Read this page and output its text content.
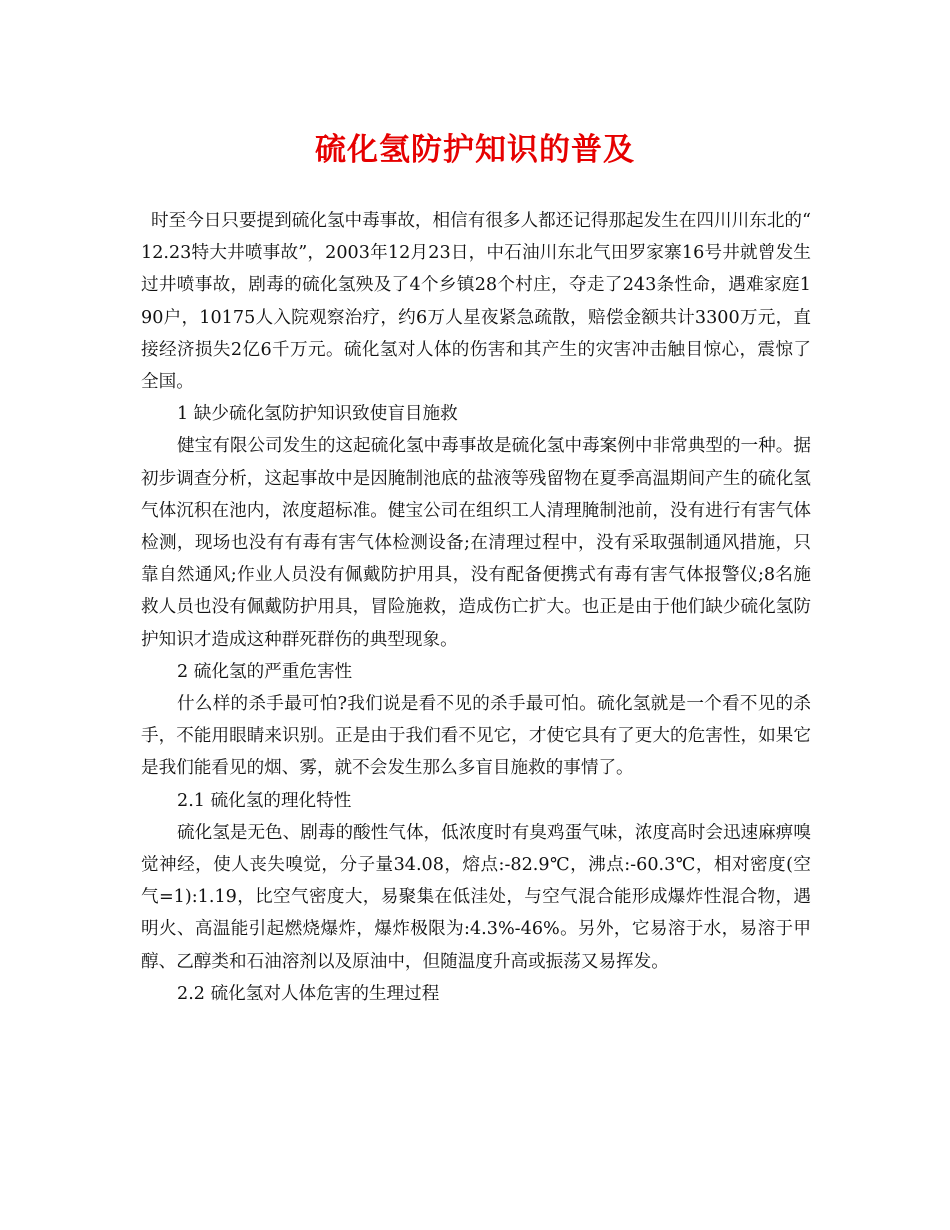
硫化氢防护知识的普及

时至今日只要提到硫化氢中毒事故，相信有很多人都还记得那起发生在四川川东北的“12.23特大井喷事故”，2003年12月23日，中石油川东北气田罗家寨16号井就曾发生过井喷事故，剧毒的硫化氢殃及了4个乡镇28个村庄，夺走了243条性命，遇难家庭190户，10175人入院观察治疗，约6万人星夜紧急疏散，赔偿金额共计3300万元，直接经济损失2亿6千万元。硫化氢对人体的伤害和其产生的灾害冲击触目惊心，震惊了全国。

1 缺少硫化氢防护知识致使盲目施救

健宝有限公司发生的这起硫化氢中毒事故是硫化氢中毒案例中非常典型的一种。据初步调查分析，这起事故中是因腌制池底的盐液等残留物在夏季高温期间产生的硫化氢气体沉积在池内，浓度超标准。健宝公司在组织工人清理腌制池前，没有进行有害气体检测，现场也没有有毒有害气体检测设备;在清理过程中，没有采取强制通风措施，只靠自然通风;作业人员没有佩戴防护用具，没有配备便携式有毒有害气体报警仪;8名施救人员也没有佩戴防护用具，冒险施救，造成伤亡扩大。也正是由于他们缺少硫化氢防护知识才造成这种群死群伤的典型现象。

2 硫化氢的严重危害性

什么样的杀手最可怕?我们说是看不见的杀手最可怕。硫化氢就是一个看不见的杀手，不能用眼睛来识别。正是由于我们看不见它，才使它具有了更大的危害性，如果它是我们能看见的烟、雾，就不会发生那么多盲目施救的事情了。

2.1 硫化氢的理化特性

硫化氢是无色、剧毒的酸性气体，低浓度时有臭鸡蛋气味，浓度高时会迅速麻痹嗅觉神经，使人丧失嗅觉，分子量34.08，熔点:-82.9℃，沸点:-60.3℃，相对密度(空气=1):1.19，比空气密度大，易聚集在低洼处，与空气混合能形成爆炸性混合物，遇明火、高温能引起燃烧爆炸，爆炸极限为:4.3%-46%。另外，它易溶于水，易溶于甲醇、乙醇类和石油溶剂以及原油中，但随温度升高或振荡又易挥发。

2.2 硫化氢对人体危害的生理过程
